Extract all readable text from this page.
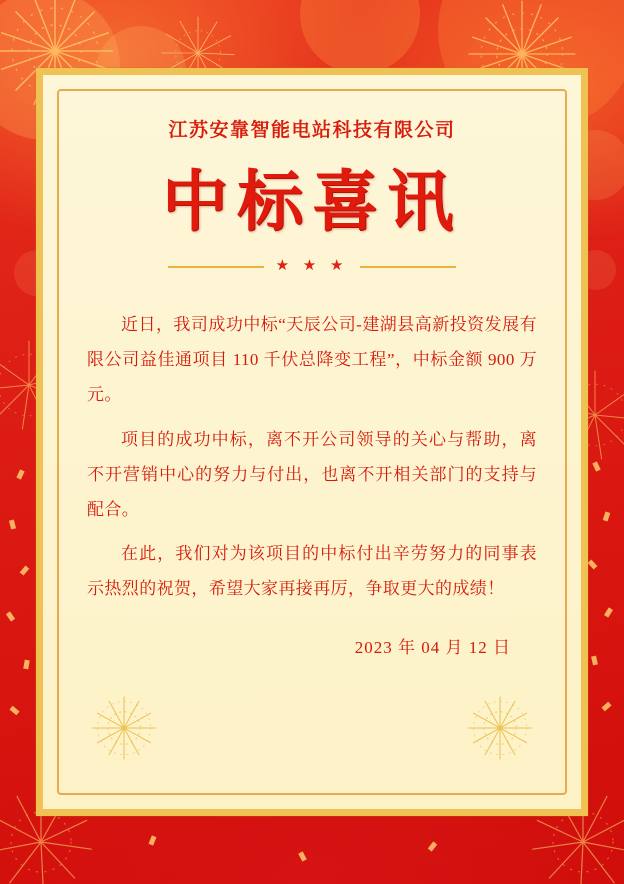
江苏安靠智能电站科技有限公司
中标喜讯
★ ★ ★

近日，我司成功中标“天辰公司-建湖县高新投资发展有限公司益佳通项目 110 千伏总降变工程”，中标金额 900 万元。

项目的成功中标，离不开公司领导的关心与帮助，离不开营销中心的努力与付出，也离不开相关部门的支持与配合。

在此，我们对为该项目的中标付出辛劳努力的同事表示热烈的祝贺，希望大家再接再厉，争取更大的成绩！

2023 年 04 月 12 日
